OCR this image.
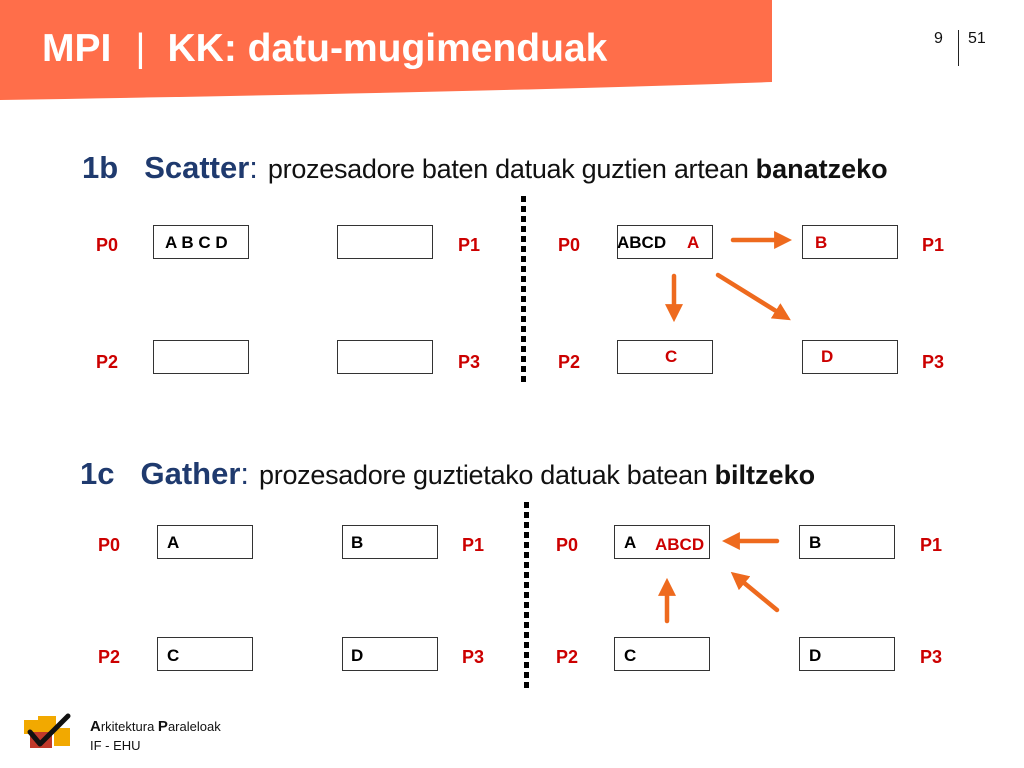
MPI | KK: datu-mugimenduak	9 51
1b Scatter : prozesadore baten datuak guztien artean banatzeko
P0	A B C D	P1
P2	P3
P0 ABCD A	B	P1
P2	C	D	P3
1c Gather : prozesadore guztietako datuak batean biltzeko
P0	A	B	P1
P2	C	D	P3
P0	A ABCD	B	P1
P2	C	D	P3
Arkitektura Paraleloak
IF - EHU
